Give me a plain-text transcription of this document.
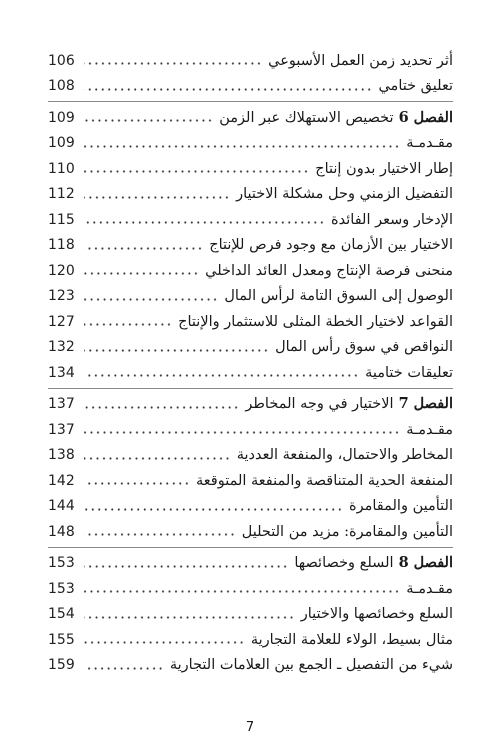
أثر تحديد زمن العمل الأسبوعي
106
تعليق ختامي
108
الفصل6تخصيص الاستهلاك عبر الزمن
109
مقـدمـة
109
إطار الاختيار بدون إنتاج
110
التفضيل الزمني وحل مشكلة الاختيار
112
الإدخار وسعر الفائدة
115
الاختيار بين الأزمان مع وجود فرص للإنتاج
118
منحنى فرصة الإنتاج ومعدل العائد الداخلي
120
الوصول إلى السوق التامة لرأس المال
123
القواعد لاختيار الخطة المثلى للاستثمار والإنتاج
127
النواقص في سوق رأس المال
132
تعليقات ختامية
134
الفصل7الاختيار في وجه المخاطر
137
مقـدمـة
137
المخاطر والاحتمال، والمنفعة العددية
138
المنفعة الحدية المتناقصة والمنفعة المتوقعة
142
التأمين والمقامرة
144
التأمين والمقامرة: مزيد من التحليل
148
الفصل8السلع وخصائصها
153
مقـدمـة
153
السلع وخصائصها والاختيار
154
مثال بسيط، الولاء للعلامة التجارية
155
شيء من التفصيل ـ الجمع بين العلامات التجارية
159
7
